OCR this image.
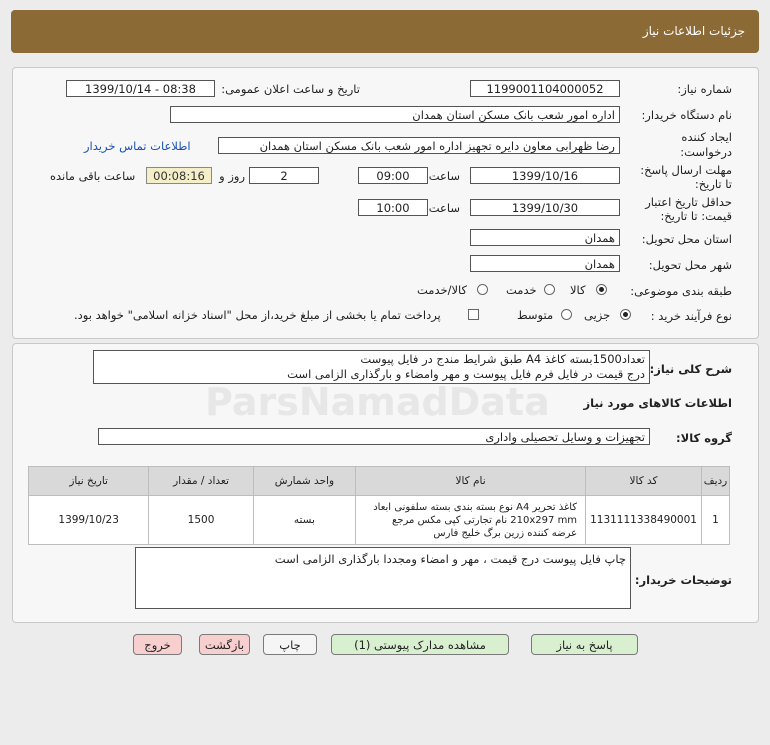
جزئیات اطلاعات نیاز
شماره نیاز:
1199001104000052
تاریخ و ساعت اعلان عمومی:
1399/10/14 - 08:38
نام دستگاه خریدار:
اداره امور شعب بانک مسکن استان همدان
ایجاد کننده
درخواست:
رضا ظهرابی معاون دایره تجهیز اداره امور شعب بانک مسکن استان همدان
اطلاعات تماس خریدار
مهلت ارسال پاسخ:
تا تاریخ:
1399/10/16
ساعت
09:00
2
روز و
00:08:16
ساعت باقی مانده
حداقل تاریخ اعتبار
قیمت: تا تاریخ:
1399/10/30
ساعت
10:00
استان محل تحویل:
همدان
شهر محل تحویل:
همدان
طبقه بندی موضوعی:
کالا
خدمت
کالا/خدمت
نوع فرآیند خرید :
جزیی
متوسط
پرداخت تمام یا بخشی از مبلغ خرید،از محل "اسناد خزانه اسلامی" خواهد بود.
شرح کلی نیاز:
تعداد1500بسته کاغذ A4 طبق شرایط مندج در فایل پیوست
درج قیمت در فایل فرم فایل پیوست و مهر وامضاء و بارگذاری الزامی است
اطلاعات کالاهای مورد نیاز
گروه کالا:
تجهیزات و وسایل تحصیلی واداری
ردیف	کد کالا	نام کالا	واحد شمارش	تعداد / مقدار	تاریخ نیاز
1	1131111338490001	کاغذ تحریر A4 نوع بسته بندی بسته سلفونی ابعاد 210x297 mm نام تجارتی کپی مکس مرجع عرضه کننده زرین برگ خلیج فارس	بسته	1500	1399/10/23
توضیحات خریدار:
چاپ فایل پیوست درج قیمت ، مهر و امضاء ومجددا بارگذاری الزامی است
پاسخ به نیاز
مشاهده مدارک پیوستی (1)
چاپ
بازگشت
خروج
